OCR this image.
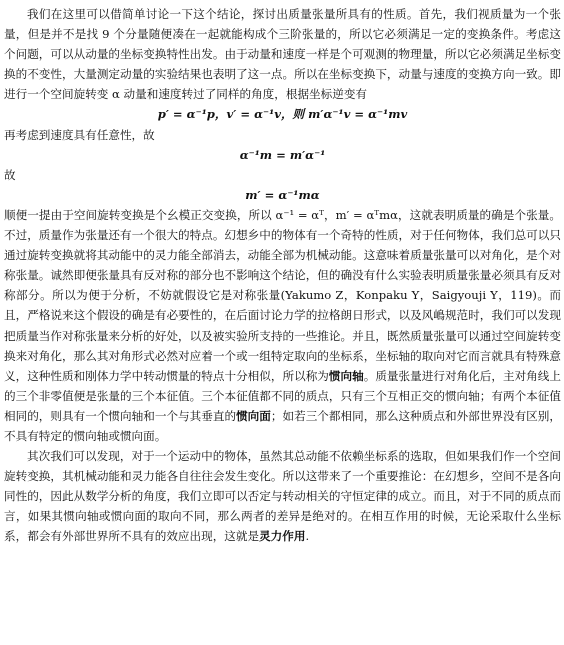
我们在这里可以借简单讨论一下这个结论，探讨出质量张量所具有的性质。首先，我们视质量为一个张量，但是并不是找 9 个分量随便凑在一起就能构成个三阶张量的，所以它必须满足一定的变换条件。考虑这个问题，可以从动量的坐标变换特性出发。由于动量和速度一样是个可观测的物理量，所以它必须满足坐标变换的不变性，大量测定动量的实验结果也表明了这一点。所以在坐标变换下，动量与速度的变换方向一致。即进行一个空间旋转变 α 动量和速度转过了同样的角度，根据坐标逆变有

p′ = α⁻¹p，v′ = α⁻¹v，则 m′α⁻¹v = α⁻¹mv

再考虑到速度具有任意性，故

α⁻¹m = m′α⁻¹

故

m′ = α⁻¹mα

顺便一提由于空间旋转变换是个幺模正交变换，所以 α⁻¹ = αᵀ，m′ = αᵀmα，这就表明质量的确是个张量。不过，质量作为张量还有一个很大的特点。幻想乡中的物体有一个奇特的性质，对于任何物体，我们总可以只通过旋转变换就将其动能中的灵力能全部消去，动能全部为机械动能。这意味着质量张量可以对角化，是个对称张量。诚然即便张量具有反对称的部分也不影响这个结论，但的确没有什么实验表明质量张量必须具有反对称部分。所以为便于分析，不妨就假设它是对称张量(Yakumo Z，Konpaku Y，Saigyouji Y，119)。而且，严格说来这个假设的确是有必要性的，在后面讨论力学的拉格朗日形式，以及风嶋规范时，我们可以发现把质量当作对称张量来分析的好处，以及被实验所支持的一些推论。并且，既然质量张量可以通过空间旋转变换来对角化，那么其对角形式必然对应着一个或一组特定取向的坐标系，坐标轴的取向对它而言就具有特殊意义，这种性质和刚体力学中转动惯量的特点十分相似，所以称为惯向轴。质量张量进行对角化后，主对角线上的三个非零值便是张量的三个本征值。三个本征值都不同的质点，只有三个互相正交的惯向轴；有两个本征值相同的，则具有一个惯向轴和一个与其垂直的惯向面；如若三个都相同，那么这种质点和外部世界没有区别，不具有特定的惯向轴或惯向面。

其次我们可以发现，对于一个运动中的物体，虽然其总动能不依赖坐标系的选取，但如果我们作一个空间旋转变换，其机械动能和灵力能各自往往会发生变化。所以这带来了一个重要推论：在幻想乡，空间不是各向同性的，因此从数学分析的角度，我们立即可以否定与转动相关的守恒定律的成立。而且，对于不同的质点而言，如果其惯向轴或惯向面的取向不同，那么两者的差异是绝对的。在相互作用的时候，无论采取什么坐标系，都会有外部世界所不具有的效应出现，这就是灵力作用.
